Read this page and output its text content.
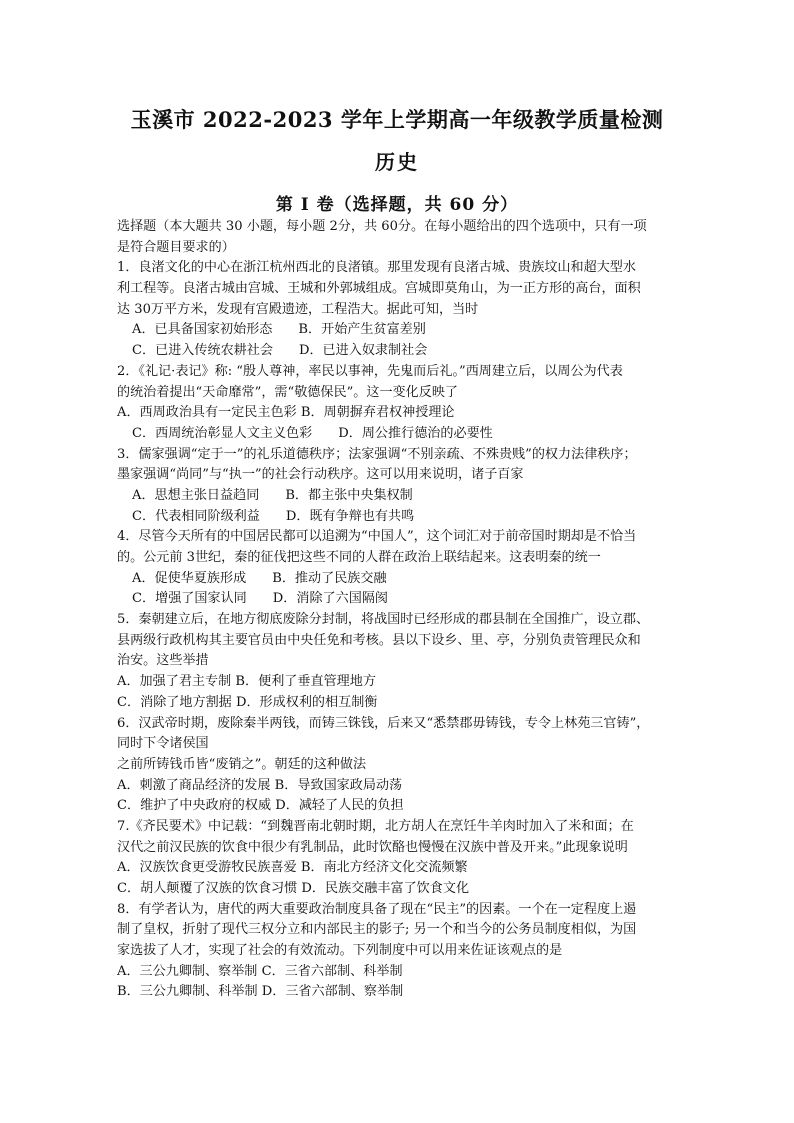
玉溪市 2022-2023 学年上学期高一年级教学质量检测
历史
第 I 卷（选择题，共 60 分）
选择题（本大题共 30 小题，每小题 2分，共 60分。在每小题给出的四个选项中，只有一项
是符合题目要求的）
1．良渚文化的中心在浙江杭州西北的良渚镇。那里发现有良渚古城、贵族坟山和超大型水
利工程等。良渚古城由宫城、王城和外郭城组成。宫城即莫角山，为一正方形的高台，面积
达 30万平方米，发现有宫殿遗迹，工程浩大。据此可知，当时
A．已具备国家初始形态 B．开始产生贫富差别
C．已进入传统农耕社会 D．已进入奴隶制社会
2．《礼记·表记》称: “殷人尊神，率民以事神，先鬼而后礼。”西周建立后，以周公为代表
的统治着提出“天命靡常”，需“敬德保民”。这一变化反映了
A．西周政治具有一定民主色彩 B．周朝摒弃君权神授理论
C．西周统治彰显人文主义色彩 D．周公推行德治的必要性
3．儒家强调“定于一”的礼乐道德秩序；法家强调“不别亲疏、不殊贵贱”的权力法律秩序；
墨家强调“尚同”与“执一”的社会行动秩序。这可以用来说明，诸子百家
A．思想主张日益趋同 B．都主张中央集权制
C．代表相同阶级利益 D．既有争辩也有共鸣
4．尽管今天所有的中国居民都可以追溯为“中国人”，这个词汇对于前帝国时期却是不恰当
的。公元前 3世纪，秦的征伐把这些不同的人群在政治上联结起来。这表明秦的统一
A．促使华夏族形成 B．推动了民族交融
C．增强了国家认同 D．消除了六国隔阂
5．秦朝建立后，在地方彻底废除分封制，将战国时已经形成的郡县制在全国推广，设立郡、
县两级行政机构其主要官员由中央任免和考核。县以下设乡、里、亭，分别负责管理民众和
治安。这些举措
A．加强了君主专制 B．便利了垂直管理地方
C．消除了地方割据 D．形成权利的相互制衡
6．汉武帝时期，废除秦半两钱，而铸三铢钱，后来又“悉禁郡毋铸钱，专令上林苑三官铸”，
同时下令诸侯国
之前所铸钱币皆“废销之”。朝廷的这种做法
A．刺激了商品经济的发展 B．导致国家政局动荡
C．维护了中央政府的权威 D．减轻了人民的负担
7.《齐民要术》中记载：“到魏晋南北朝时期，北方胡人在烹饪牛羊肉时加入了米和面；在
汉代之前汉民族的饮食中很少有乳制品，此时饮酪也慢慢在汉族中普及开来。”此现象说明
A．汉族饮食更受游牧民族喜爱 B．南北方经济文化交流频繁
C．胡人颠覆了汉族的饮食习惯 D．民族交融丰富了饮食文化
8．有学者认为，唐代的两大重要政治制度具备了现在“民主”的因素。一个在一定程度上遏
制了皇权，折射了现代三权分立和内部民主的影子; 另一个和当今的公务员制度相似，为国
家选拔了人才，实现了社会的有效流动。下列制度中可以用来佐证该观点的是
A．三公九卿制、察举制 C．三省六部制、科举制
B．三公九卿制、科举制 D．三省六部制、察举制
